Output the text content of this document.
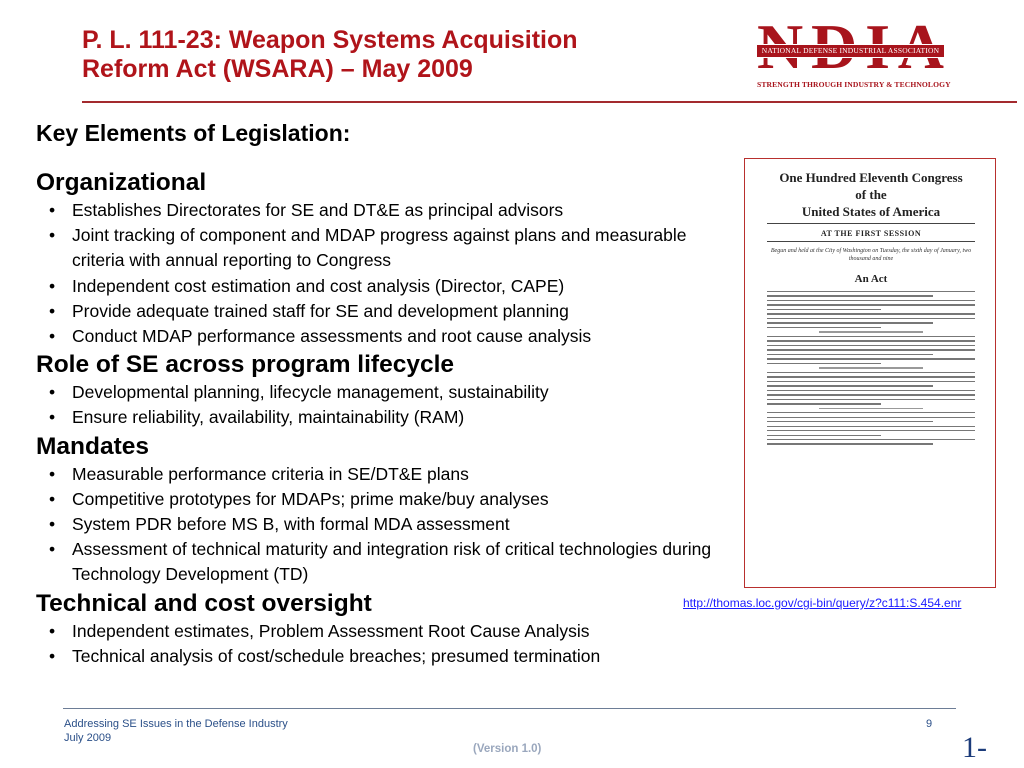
P. L. 111-23: Weapon Systems Acquisition
Reform Act (WSARA) – May 2009
NATIONAL DEFENSE INDUSTRIAL ASSOCIATION
STRENGTH THROUGH INDUSTRY & TECHNOLOGY
Key Elements of Legislation:
Organizational
• Establishes Directorates for SE and DT&E as principal advisors
• Joint tracking of component and MDAP progress against plans and measurable criteria with annual reporting to Congress
• Independent cost estimation and cost analysis (Director, CAPE)
• Provide adequate trained staff for SE and development planning
• Conduct MDAP performance assessments and root cause analysis
Role of SE across program lifecycle
• Developmental planning, lifecycle management, sustainability
• Ensure reliability, availability, maintainability (RAM)
Mandates
• Measurable performance criteria in SE/DT&E plans
• Competitive prototypes for MDAPs; prime make/buy analyses
• System PDR before MS B, with formal MDA assessment
• Assessment of technical maturity and integration risk of critical technologies during Technology Development (TD)
Technical and cost oversight
• Independent estimates, Problem Assessment Root Cause Analysis
• Technical analysis of cost/schedule breaches; presumed termination
One Hundred Eleventh Congress
of the
United States of America
AT THE FIRST SESSION
Begun and held at the City of Washington on Tuesday, the sixth day of January, two thousand and nine
An Act
http://thomas.loc.gov/cgi-bin/query/z?c111:S.454.enr
Addressing SE Issues in the Defense Industry
July 2009
9
(Version 1.0)	1-
